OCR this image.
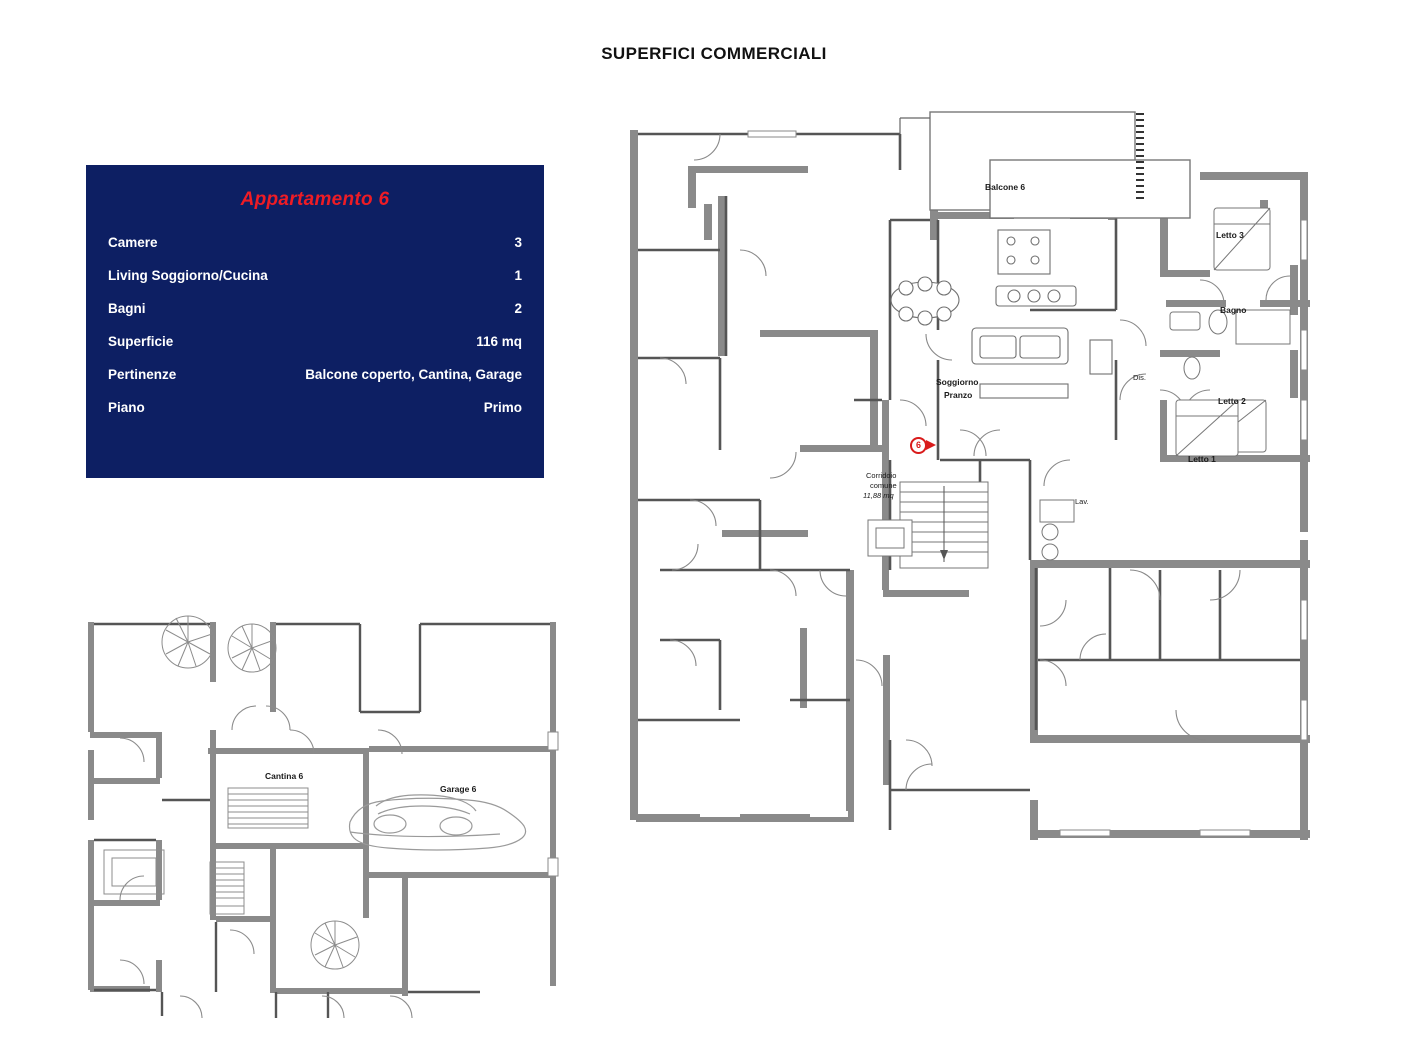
SUPERFICI COMMERCIALI
Appartamento 6
Camere	3
Living Soggiorno/Cucina	1
Bagni	2
Superficie	116 mq
Pertinenze	Balcone coperto, Cantina, Garage
Piano	Primo
Balcone 6
Letto 3
Bagno
Letto 2
Letto 1
Dis.
Lav.
Soggiorno
Pranzo
Corridoio
comune
11,88 mq
6
Cantina 6
Garage 6
